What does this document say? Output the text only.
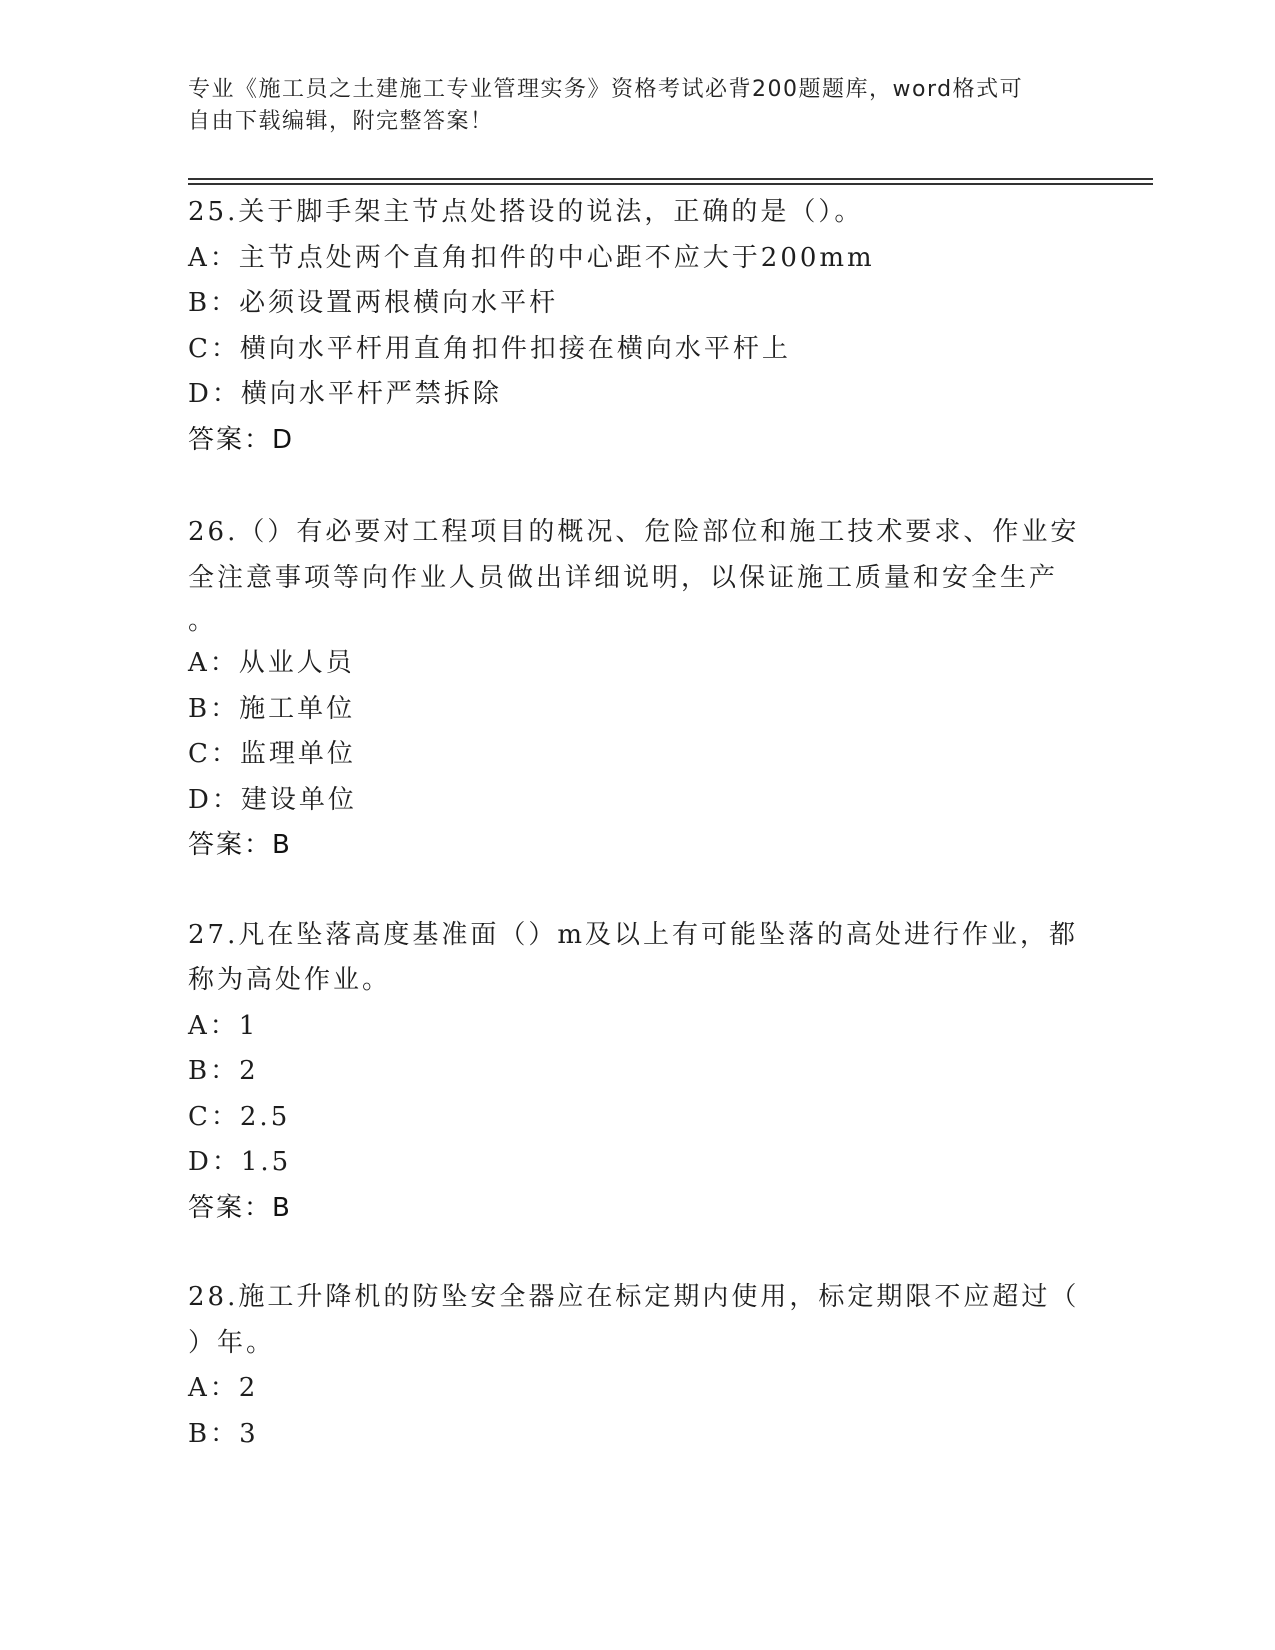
专业《施工员之土建施工专业管理实务》资格考试必背200题题库，word格式可
自由下载编辑，附完整答案！
25.关于脚手架主节点处搭设的说法，正确的是（）。
A：主节点处两个直角扣件的中心距不应大于200mm
B：必须设置两根横向水平杆
C：横向水平杆用直角扣件扣接在横向水平杆上
D：横向水平杆严禁拆除
答案：D
26.（）有必要对工程项目的概况、危险部位和施工技术要求、作业安
全注意事项等向作业人员做出详细说明，以保证施工质量和安全生产
。
A：从业人员
B：施工单位
C：监理单位
D：建设单位
答案：B
27.凡在坠落高度基准面（）m及以上有可能坠落的高处进行作业，都
称为高处作业。
A：1
B：2
C：2.5
D：1.5
答案：B
28.施工升降机的防坠安全器应在标定期内使用，标定期限不应超过（
）年。
A：2
B：3
